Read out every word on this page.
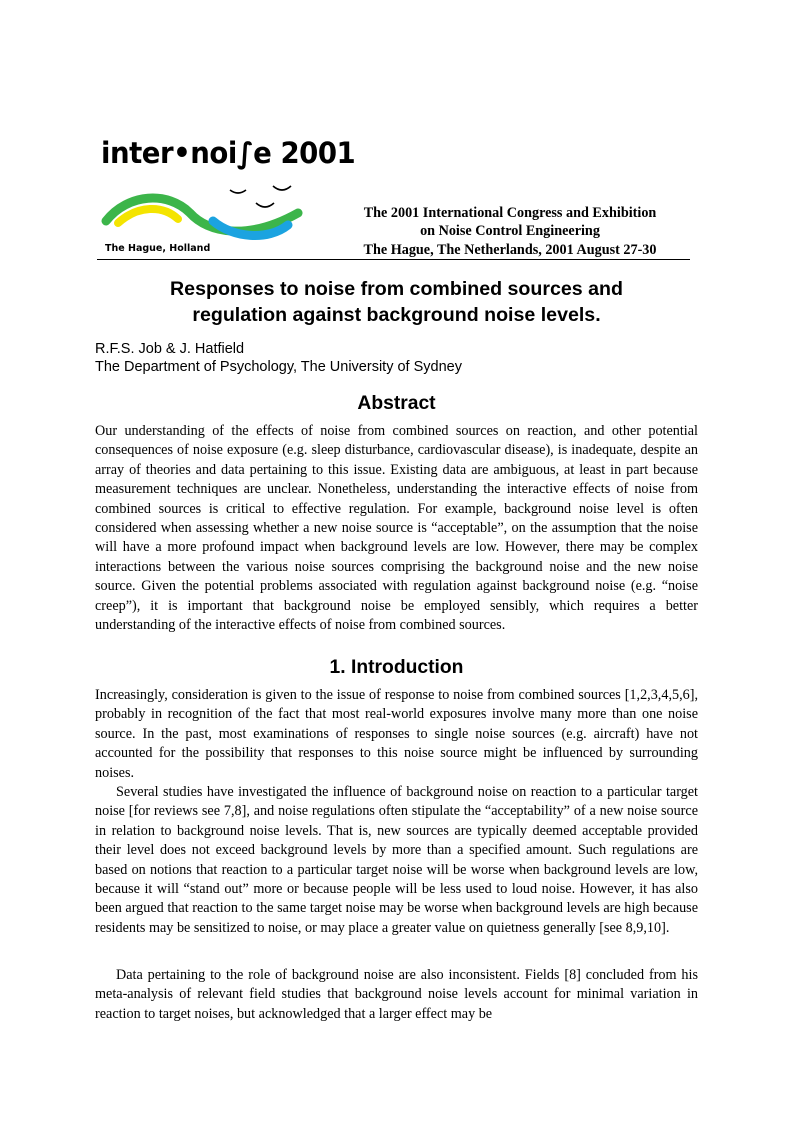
inter•noi∫e 2001
The Hague, Holland
The 2001 International Congress and Exhibition
on Noise Control Engineering
The Hague, The Netherlands, 2001 August 27-30
Responses to noise from combined sources and
regulation against background noise levels.
R.F.S. Job & J. Hatfield
The Department of Psychology, The University of Sydney
Abstract

Our understanding of the effects of noise from combined sources on reaction, and other potential consequences of noise exposure (e.g. sleep disturbance, cardiovascular disease), is inadequate, despite an array of theories and data pertaining to this issue. Existing data are ambiguous, at least in part because measurement techniques are unclear. Nonetheless, understanding the interactive effects of noise from combined sources is critical to effective regulation. For example, background noise level is often considered when assessing whether a new noise source is “acceptable”, on the assumption that the noise will have a more profound impact when background levels are low. However, there may be complex interactions between the various noise sources comprising the background noise and the new noise source. Given the potential problems associated with regulation against background noise (e.g. “noise creep”), it is important that background noise be employed sensibly, which requires a better understanding of the interactive effects of noise from combined sources.

1. Introduction

Increasingly, consideration is given to the issue of response to noise from combined sources [1,2,3,4,5,6], probably in recognition of the fact that most real-world exposures involve many more than one noise source. In the past, most examinations of responses to single noise sources (e.g. aircraft) have not accounted for the possibility that responses to this noise source might be influenced by surrounding noises.

Several studies have investigated the influence of background noise on reaction to a particular target noise [for reviews see 7,8], and noise regulations often stipulate the “acceptability” of a new noise source in relation to background noise levels. That is, new sources are typically deemed acceptable provided their level does not exceed background levels by more than a specified amount. Such regulations are based on notions that reaction to a particular target noise will be worse when background levels are low, because it will “stand out” more or because people will be less used to loud noise. However, it has also been argued that reaction to the same target noise may be worse when background levels are high because residents may be sensitized to noise, or may place a greater value on quietness generally [see 8,9,10].

Data pertaining to the role of background noise are also inconsistent. Fields [8] concluded from his meta-analysis of relevant field studies that background noise levels account for minimal variation in reaction to target noises, but acknowledged that a larger effect may be
